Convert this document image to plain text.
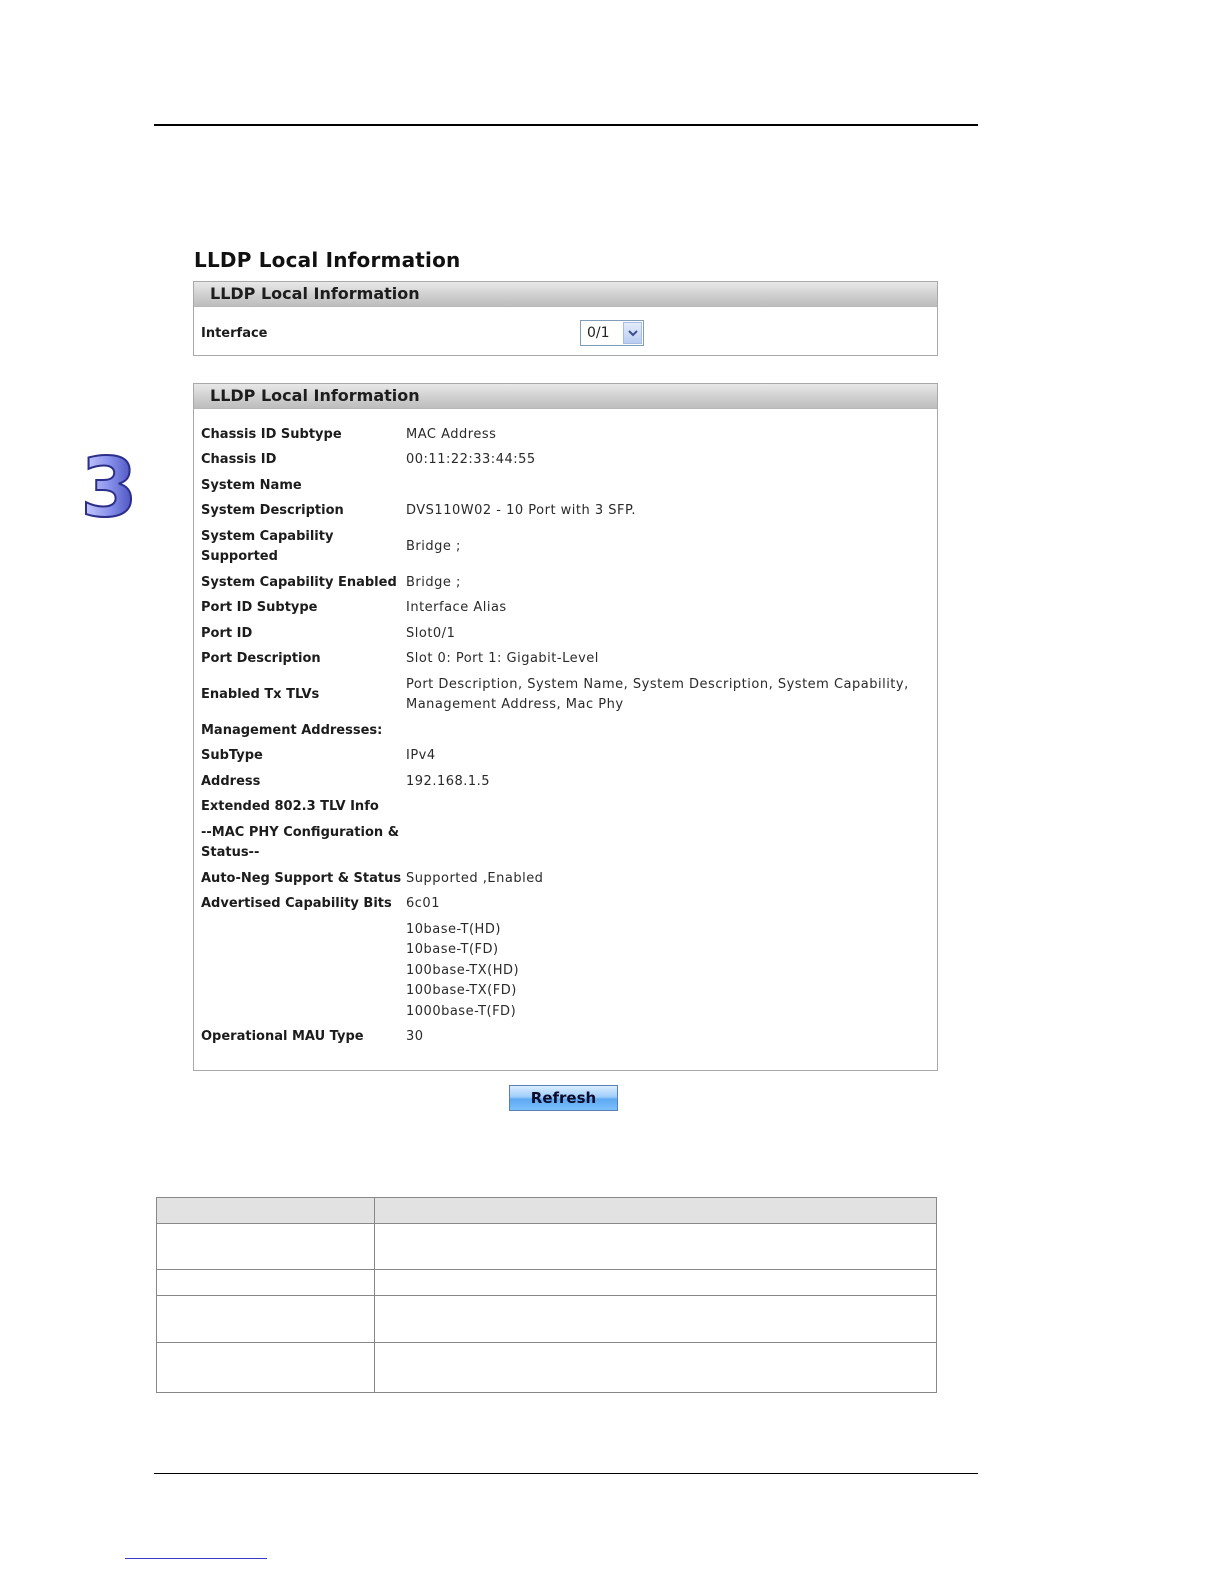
3
LLDP Local Information
LLDP Local Information
Interface	0/1
LLDP Local Information
Chassis ID Subtype	MAC Address

Chassis ID	00:11:22:33:44:55

System Name	

System Description	DVS110W02 - 10 Port with 3 SFP.

System Capability Supported	Bridge ;

System Capability Enabled	Bridge ;

Port ID Subtype	Interface Alias

Port ID	Slot0/1

Port Description	Slot 0: Port 1: Gigabit-Level

Enabled Tx TLVs	Port Description, System Name, System Description, System Capability,
Management Address, Mac Phy

Management Addresses:	

SubType	IPv4

Address	192.168.1.5

Extended 802.3 TLV Info	

--MAC PHY Configuration & Status--	

Auto-Neg Support & Status	Supported ,Enabled

Advertised Capability Bits	6c01

	10base-T(HD)
10base-T(FD)
100base-TX(HD)
100base-TX(FD)
1000base-T(FD)

Operational MAU Type	30
Refresh
